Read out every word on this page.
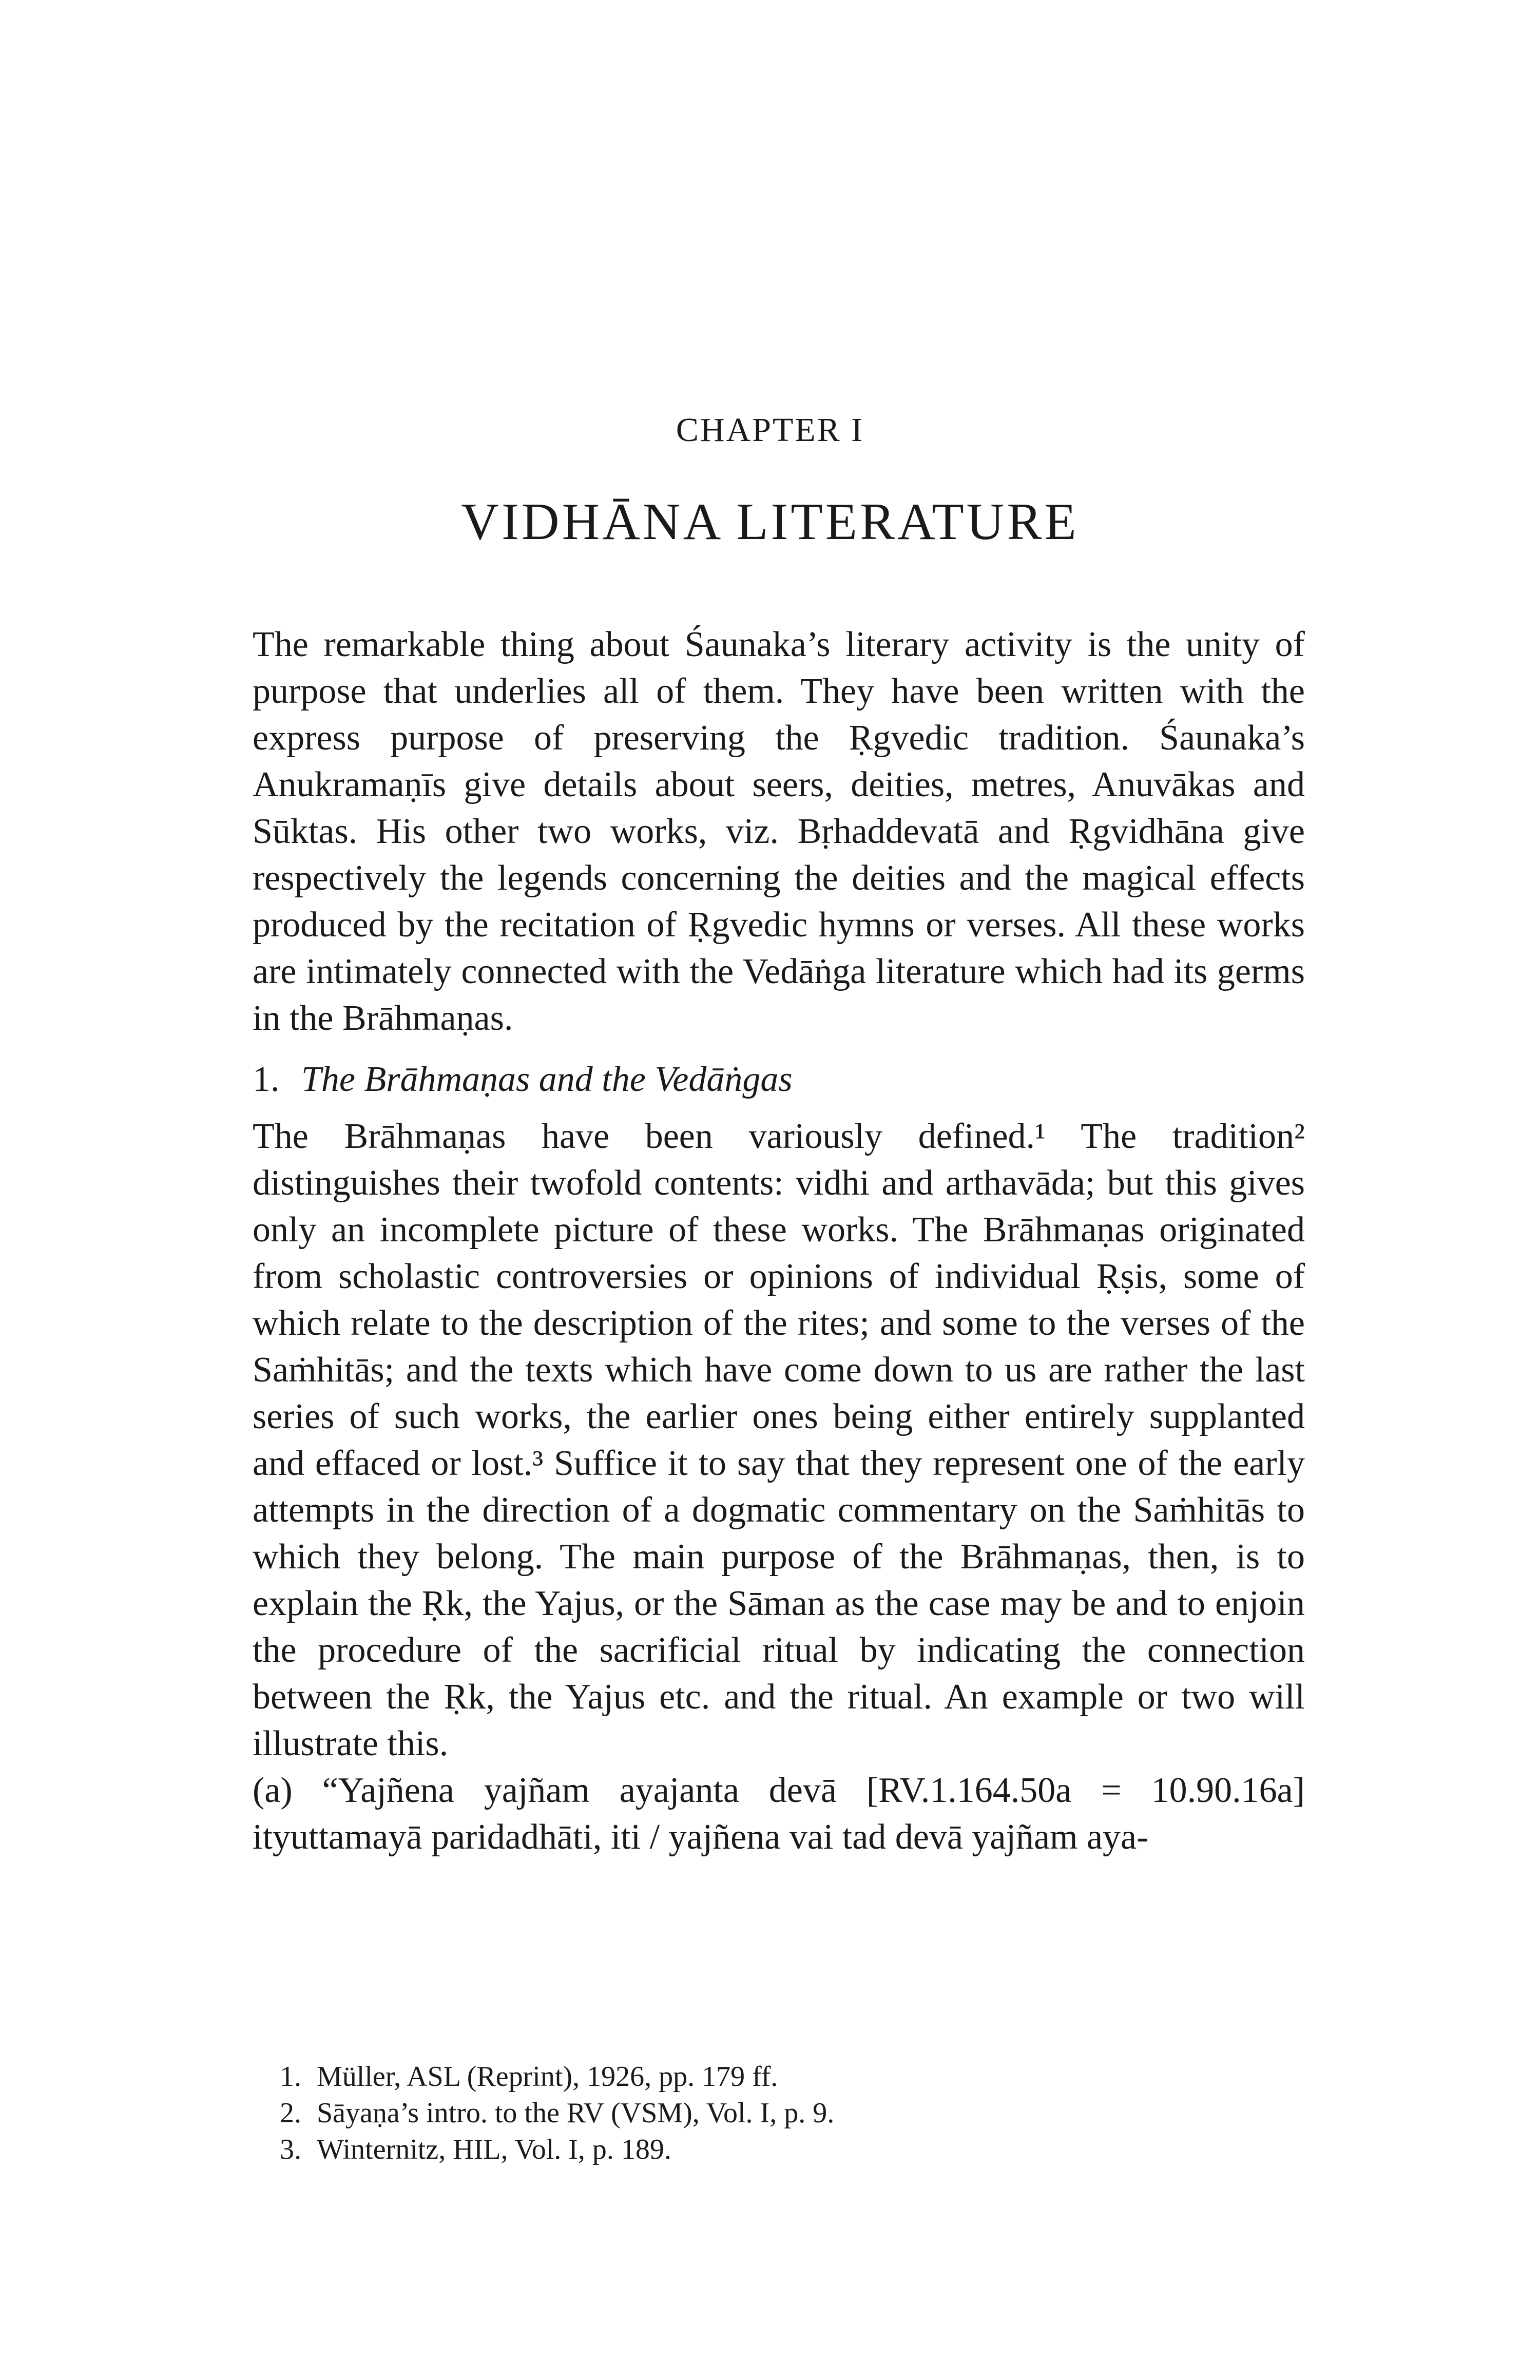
CHAPTER I
VIDHĀNA LITERATURE

The remarkable thing about Śaunaka’s literary activity is the unity of purpose that underlies all of them. They have been written with the express purpose of preserving the Ṛgvedic tradition. Śaunaka’s Anukramaṇīs give details about seers, deities, metres, Anuvākas and Sūktas. His other two works, viz. Bṛhaddevatā and Ṛgvidhāna give respectively the legends concerning the deities and the magical effects produced by the recitation of Ṛgvedic hymns or verses. All these works are intimately connected with the Vedāṅga literature which had its germs in the Brāhmaṇas.

1. The Brāhmaṇas and the Vedāṅgas

The Brāhmaṇas have been variously defined.¹ The tradition² distinguishes their twofold contents: vidhi and arthavāda; but this gives only an incomplete picture of these works. The Brāhmaṇas originated from scholastic controversies or opinions of individual Ṛṣis, some of which relate to the description of the rites; and some to the verses of the Saṁhitās; and the texts which have come down to us are rather the last series of such works, the earlier ones being either entirely supplanted and effaced or lost.³ Suffice it to say that they represent one of the early attempts in the direction of a dogmatic commentary on the Saṁhitās to which they belong. The main purpose of the Brāhmaṇas, then, is to explain the Ṛk, the Yajus, or the Sāman as the case may be and to enjoin the procedure of the sacrificial ritual by indicating the connection between the Ṛk, the Yajus etc. and the ritual. An example or two will illustrate this.

(a) “Yajñena yajñam ayajanta devā [RV.1.164.50a = 10.90.16a] ityuttamayā paridadhāti, iti / yajñena vai tad devā yajñam aya-

1. Müller, ASL (Reprint), 1926, pp. 179 ff.
2. Sāyaṇa’s intro. to the RV (VSM), Vol. I, p. 9.
3. Winternitz, HIL, Vol. I, p. 189.
